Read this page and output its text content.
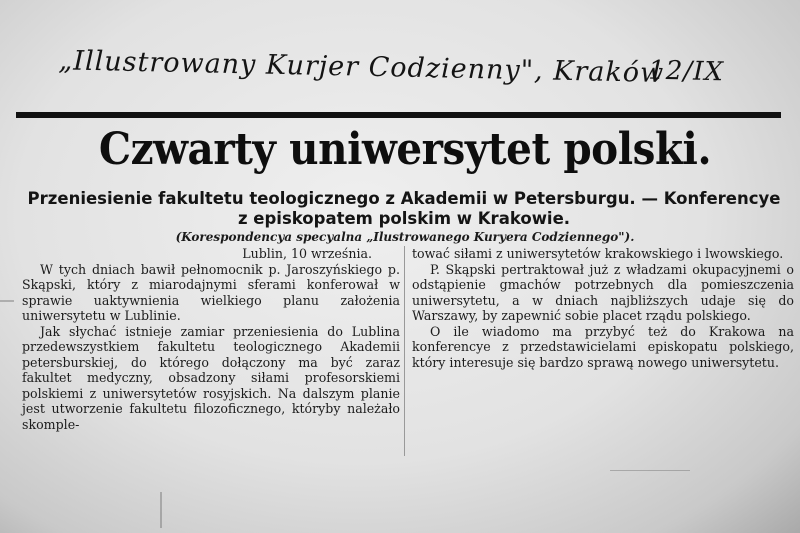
„Illustrowany Kurjer Codzienny", Kraków
12/IX
Czwarty uniwersytet polski.
Przeniesienie fakultetu teologicznego z Akademii w Petersburgu. — Konferencye z episkopatem polskim w Krakowie.
(Korespondencya specyalna „Ilustrowanego Kuryera Codziennego").

Lublin, 10 września.

W tych dniach bawił pełnomocnik p. Jaroszyńskiego p. Skąpski, który z miarodajnymi sferami konferował w sprawie uaktywnienia wielkiego planu założenia uniwersytetu w Lublinie.

Jak słychać istnieje zamiar przeniesienia do Lublina przedewszystkiem fakultetu teologicznego Akademii petersburskiej, do którego dołączony ma być zaraz fakultet medyczny, obsadzony siłami profesorskiemi polskiemi z uniwersytetów rosyjskich. Na dalszym planie jest utworzenie fakultetu filozoficznego, któryby należało skomple-

tować siłami z uniwersytetów krakowskiego i lwowskiego.

P. Skąpski pertraktował już z władzami okupacyjnemi o odstąpienie gmachów potrzebnych dla pomieszczenia uniwersytetu, a w dniach najbliższych udaje się do Warszawy, by zapewnić sobie placet rządu polskiego.

O ile wiadomo ma przybyć też do Krakowa na konferencye z przedstawicielami episkopatu polskiego, który interesuje się bardzo sprawą nowego uniwersytetu.
